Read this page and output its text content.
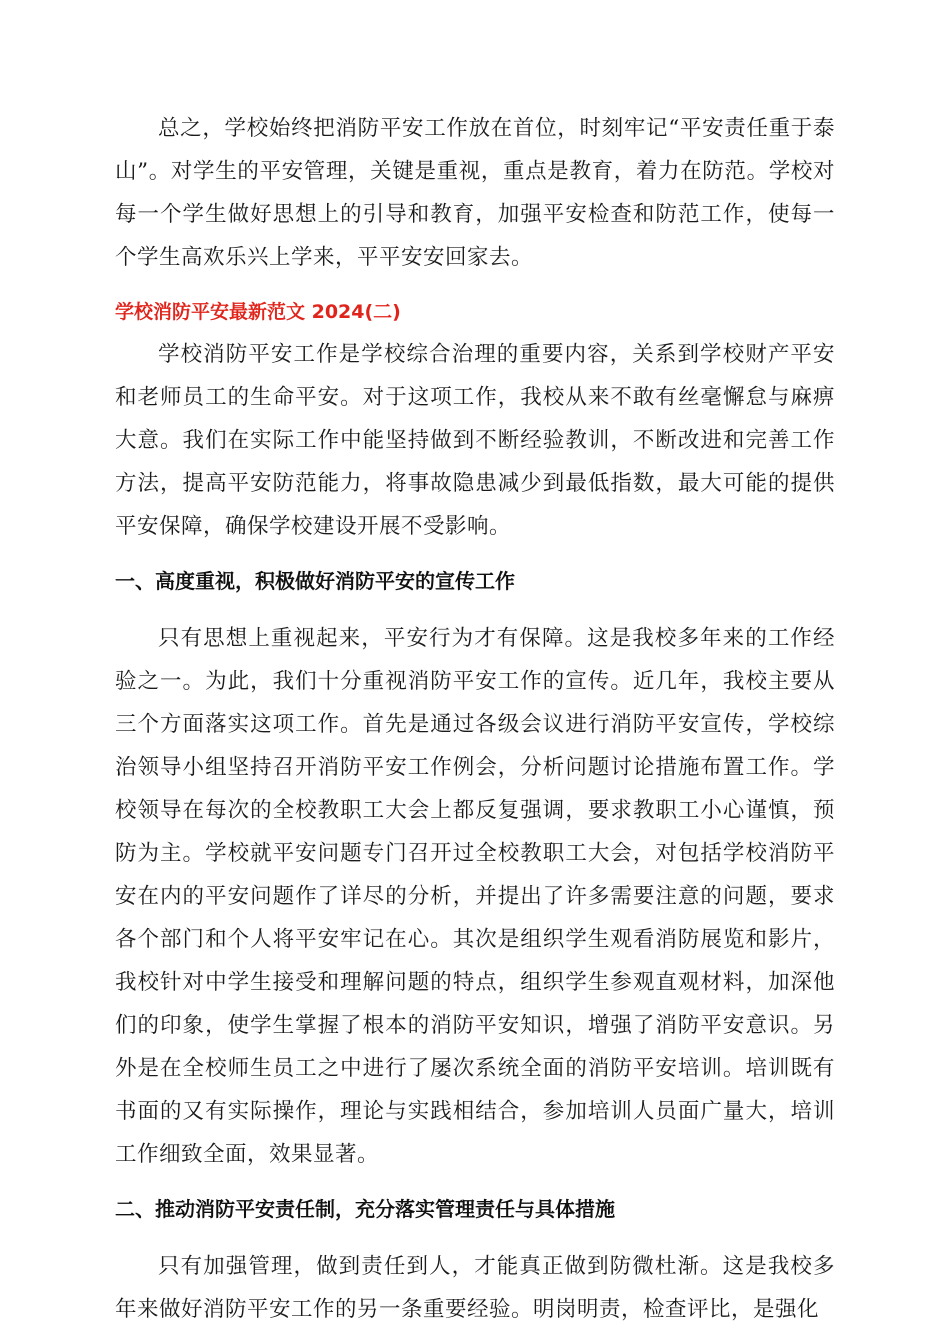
总之，学校始终把消防平安工作放在首位，时刻牢记“平安责任重于泰山”。对学生的平安管理，关键是重视，重点是教育，着力在防范。学校对每一个学生做好思想上的引导和教育，加强平安检查和防范工作，使每一个学生高欢乐兴上学来，平平安安回家去。

学校消防平安最新范文 2024(二)

学校消防平安工作是学校综合治理的重要内容，关系到学校财产平安和老师员工的生命平安。对于这项工作，我校从来不敢有丝毫懈怠与麻痹大意。我们在实际工作中能坚持做到不断经验教训，不断改进和完善工作方法，提高平安防范能力，将事故隐患减少到最低指数，最大可能的提供平安保障，确保学校建设开展不受影响。

一、高度重视，积极做好消防平安的宣传工作

只有思想上重视起来，平安行为才有保障。这是我校多年来的工作经验之一。为此，我们十分重视消防平安工作的宣传。近几年，我校主要从三个方面落实这项工作。首先是通过各级会议进行消防平安宣传，学校综治领导小组坚持召开消防平安工作例会，分析问题讨论措施布置工作。学校领导在每次的全校教职工大会上都反复强调，要求教职工小心谨慎，预防为主。学校就平安问题专门召开过全校教职工大会，对包括学校消防平安在内的平安问题作了详尽的分析，并提出了许多需要注意的问题，要求各个部门和个人将平安牢记在心。其次是组织学生观看消防展览和影片，我校针对中学生接受和理解问题的特点，组织学生参观直观材料，加深他们的印象，使学生掌握了根本的消防平安知识，增强了消防平安意识。另外是在全校师生员工之中进行了屡次系统全面的消防平安培训。培训既有书面的又有实际操作，理论与实践相结合，参加培训人员面广量大，培训工作细致全面，效果显著。

二、推动消防平安责任制，充分落实管理责任与具体措施

只有加强管理，做到责任到人，才能真正做到防微杜渐。这是我校多年来做好消防平安工作的另一条重要经验。明岗明责，检查评比，是强化
